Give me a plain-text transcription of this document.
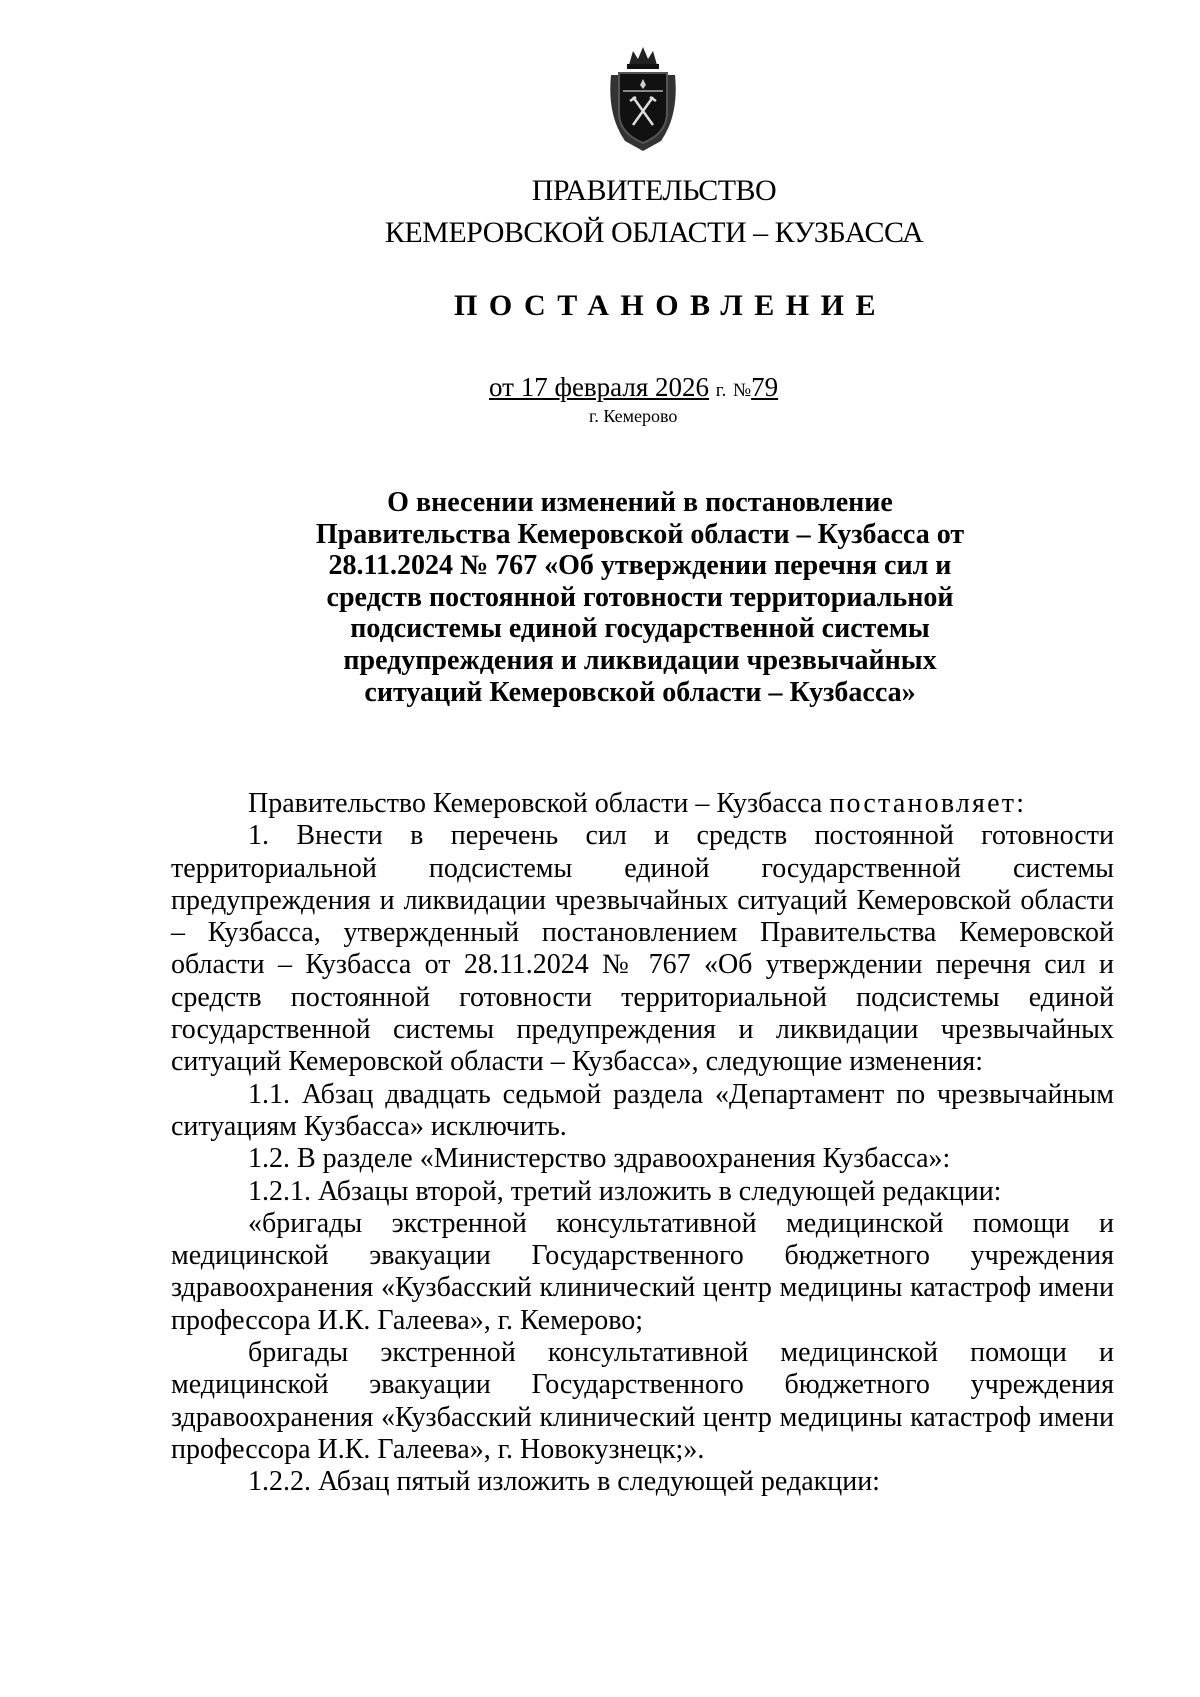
ПРАВИТЕЛЬСТВО
КЕМЕРОВСКОЙ ОБЛАСТИ – КУЗБАССА
ПОСТАНОВЛЕНИЕ
от 17 февраля 2026 г. №79
г. Кемерово
О внесении изменений в постановление
Правительства Кемеровской области – Кузбасса от
28.11.2024 № 767 «Об утверждении перечня сил и
средств постоянной готовности территориальной
подсистемы единой государственной системы
предупреждения и ликвидации чрезвычайных
ситуаций Кемеровской области – Кузбасса»
Правительство Кемеровской области – Кузбасса постановляет:
1. Внести в перечень сил и средств постоянной готовности территориальной подсистемы единой государственной системы предупреждения и ликвидации чрезвычайных ситуаций Кемеровской области – Кузбасса, утвержденный постановлением Правительства Кемеровской области – Кузбасса от 28.11.2024 № 767 «Об утверждении перечня сил и средств постоянной готовности территориальной подсистемы единой государственной системы предупреждения и ликвидации чрезвычайных ситуаций Кемеровской области – Кузбасса», следующие изменения:
1.1. Абзац двадцать седьмой раздела «Департамент по чрезвычайным ситуациям Кузбасса» исключить.
1.2. В разделе «Министерство здравоохранения Кузбасса»:
1.2.1. Абзацы второй, третий изложить в следующей редакции:
«бригады экстренной консультативной медицинской помощи и медицинской эвакуации Государственного бюджетного учреждения здравоохранения «Кузбасский клинический центр медицины катастроф имени профессора И.К. Галеева», г. Кемерово;
бригады экстренной консультативной медицинской помощи и медицинской эвакуации Государственного бюджетного учреждения здравоохранения «Кузбасский клинический центр медицины катастроф имени профессора И.К. Галеева», г. Новокузнецк;».
1.2.2. Абзац пятый изложить в следующей редакции:
